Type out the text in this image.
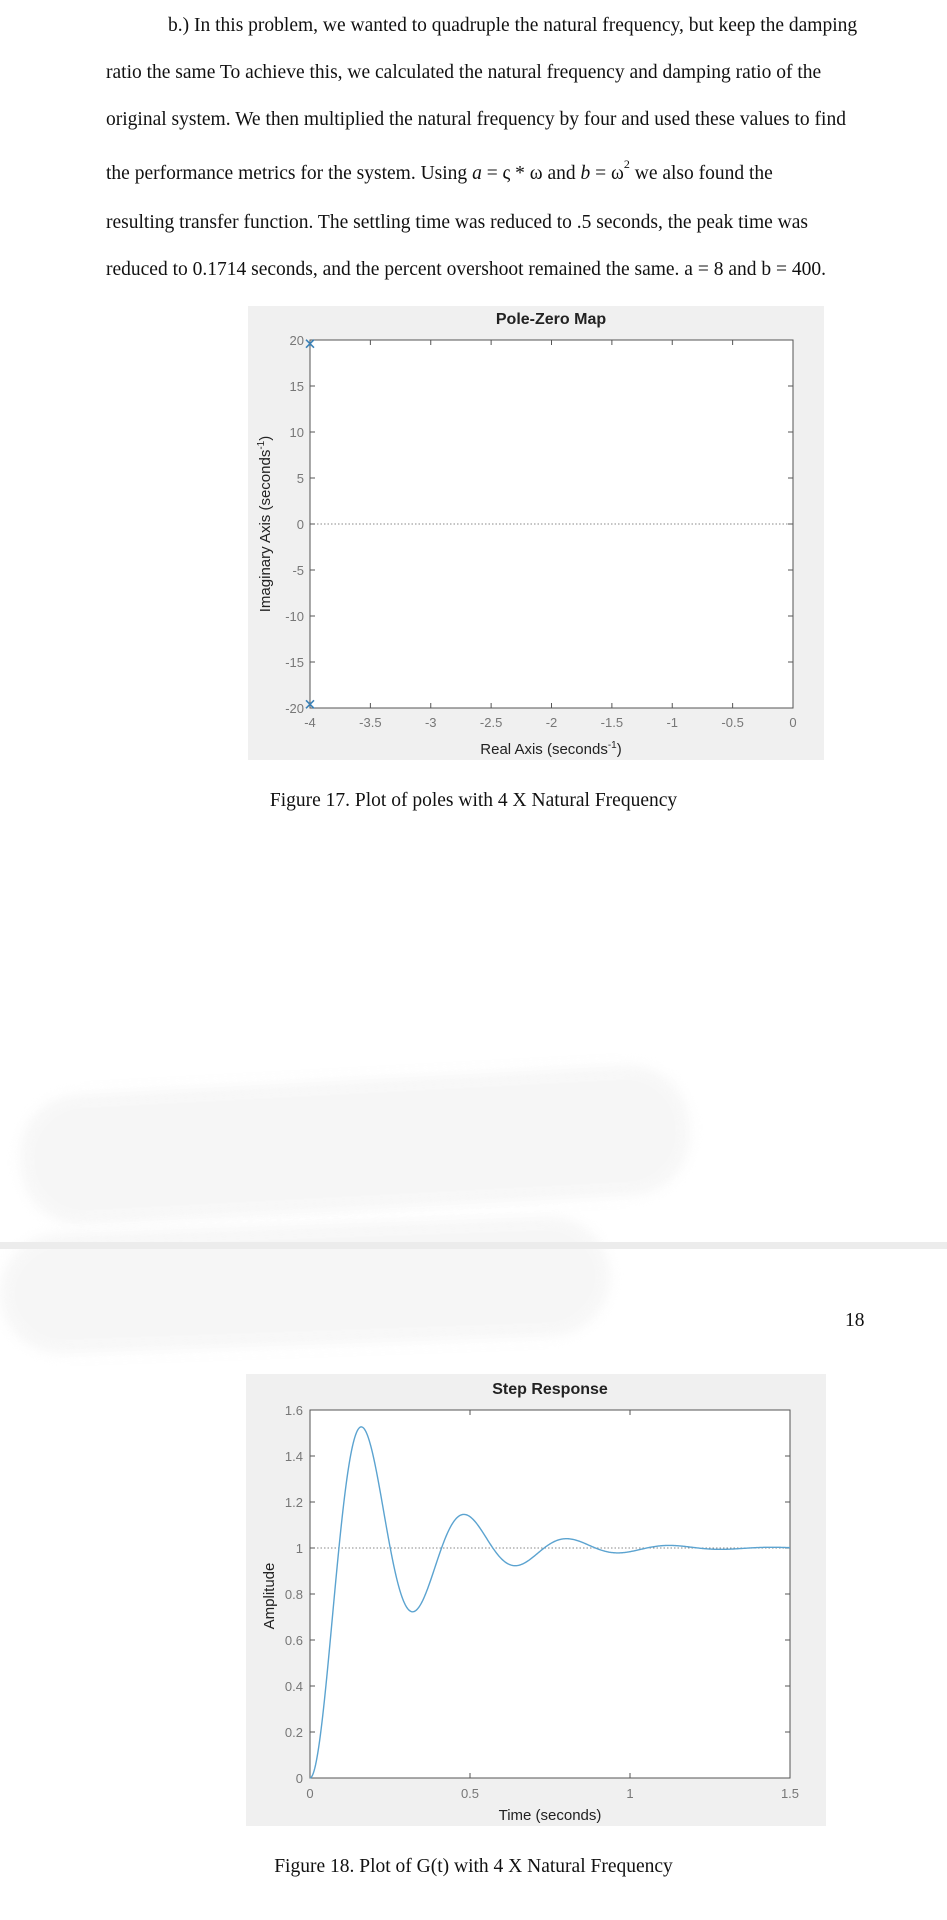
b.) In this problem, we wanted to quadruple the natural frequency, but keep the damping
ratio the same To achieve this, we calculated the natural frequency and damping ratio of the
original system. We then multiplied the natural frequency by four and used these values to find
the performance metrics for the system. Using a = ς * ω and $b = \omega^2$ we also found the
resulting transfer function. The settling time was reduced to .5 seconds, the peak time was
reduced to 0.1714 seconds, and the percent overshoot remained the same. a = 8 and b = 400.
-4	-3.5	-3	-2.5	-2	-1.5	-1	-0.5	0
20
15
10
5
0
-5
-10
-15
-20
Pole-Zero Map
Real Axis (seconds$^{-1}$)
Imaginary Axis (seconds$^{-1}$)
Figure 17. Plot of poles with 4 X Natural Frequency
18
0	0.5	1	1.5
0
0.2
0.4
0.6
0.8
1
1.2
1.4
1.6
Step Response
Time (seconds)
Amplitude
Figure 18. Plot of G(t) with 4 X Natural Frequency
